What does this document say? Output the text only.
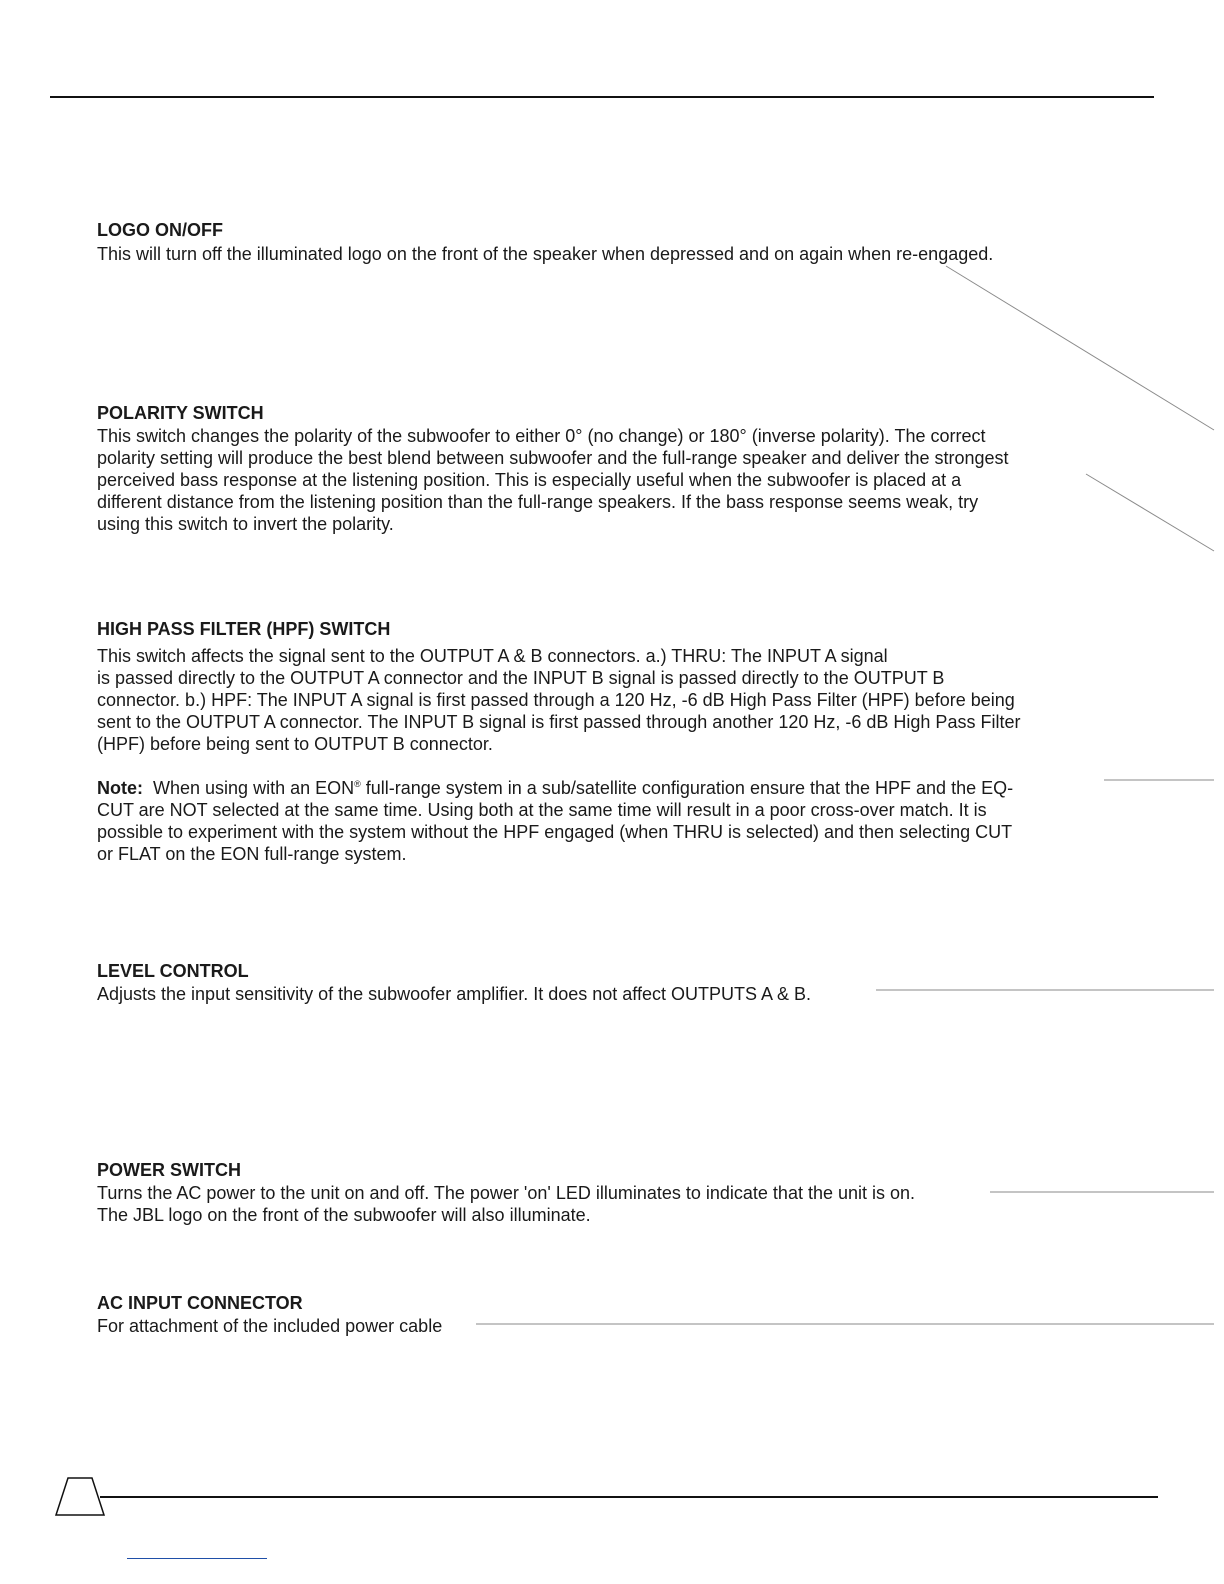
LOGO ON/OFF

This will turn off the illuminated logo on the front of the speaker when depressed and on again when re-engaged.

POLARITY SWITCH

This switch changes the polarity of the subwoofer to either 0° (no change) or 180° (inverse polarity). The correct

polarity setting will produce the best blend between subwoofer and the full-range speaker and deliver the strongest

perceived bass response at the listening position. This is especially useful when the subwoofer is placed at a

different distance from the listening position than the full-range speakers. If the bass response seems weak, try

using this switch to invert the polarity.

HIGH PASS FILTER (HPF) SWITCH

This switch affects the signal sent to the OUTPUT A & B connectors. a.) THRU: The INPUT A signal

is passed directly to the OUTPUT A connector and the INPUT B signal is passed directly to the OUTPUT B

connector. b.) HPF: The INPUT A signal is first passed through a 120 Hz, -6 dB High Pass Filter (HPF) before being

sent to the OUTPUT A connector. The INPUT B signal is first passed through another 120 Hz, -6 dB High Pass Filter

(HPF) before being sent to OUTPUT B connector.

Note: When using with an EON® full-range system in a sub/satellite configuration ensure that the HPF and the EQ-

CUT are NOT selected at the same time. Using both at the same time will result in a poor cross-over match. It is

possible to experiment with the system without the HPF engaged (when THRU is selected) and then selecting CUT

or FLAT on the EON full-range system.

LEVEL CONTROL

Adjusts the input sensitivity of the subwoofer amplifier. It does not affect OUTPUTS A & B.

POWER SWITCH

Turns the AC power to the unit on and off. The power 'on' LED illuminates to indicate that the unit is on.

The JBL logo on the front of the subwoofer will also illuminate.

AC INPUT CONNECTOR

For attachment of the included power cable
